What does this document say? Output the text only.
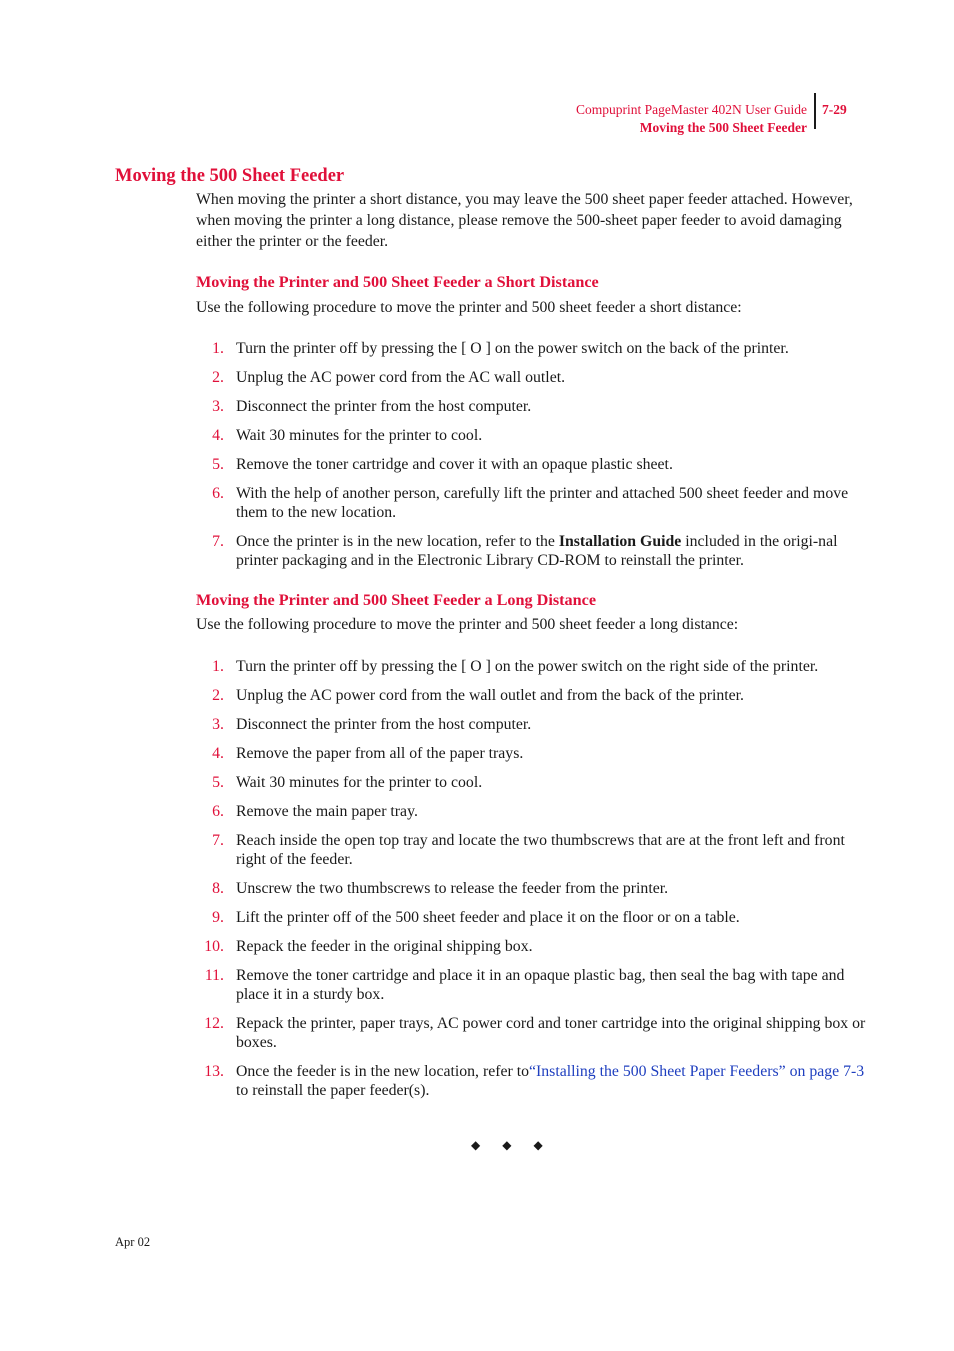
Compuprint PageMaster 402N User Guide
Moving the 500 Sheet Feeder
7-29
Moving the 500 Sheet Feeder
When moving the printer a short distance, you may leave the 500 sheet paper feeder attached. However, when moving the printer a long distance, please remove the 500-sheet paper feeder to avoid damaging either the printer or the feeder.
Moving the Printer and 500 Sheet Feeder a Short Distance
Use the following procedure to move the printer and 500 sheet feeder a short distance:
1. Turn the printer off by pressing the [ O ] on the power switch on the back of the printer.
2. Unplug the AC power cord from the AC wall outlet.
3. Disconnect the printer from the host computer.
4. Wait 30 minutes for the printer to cool.
5. Remove the toner cartridge and cover it with an opaque plastic sheet.
6. With the help of another person, carefully lift the printer and attached 500 sheet feeder and move them to the new location.
7. Once the printer is in the new location, refer to the Installation Guide included in the origi-nal printer packaging and in the Electronic Library CD-ROM to reinstall the printer.
Moving the Printer and 500 Sheet Feeder a Long Distance
Use the following procedure to move the printer and 500 sheet feeder a long distance:
1. Turn the printer off by pressing the [ O ] on the power switch on the right side of the printer.
2. Unplug the AC power cord from the wall outlet and from the back of the printer.
3. Disconnect the printer from the host computer.
4. Remove the paper from all of the paper trays.
5. Wait 30 minutes for the printer to cool.
6. Remove the main paper tray.
7. Reach inside the open top tray and locate the two thumbscrews that are at the front left and front right of the feeder.
8. Unscrew the two thumbscrews to release the feeder from the printer.
9. Lift the printer off of the 500 sheet feeder and place it on the floor or on a table.
10. Repack the feeder in the original shipping box.
11. Remove the toner cartridge and place it in an opaque plastic bag, then seal the bag with tape and place it in a sturdy box.
12. Repack the printer, paper trays, AC power cord and toner cartridge into the original shipping box or boxes.
13. Once the feeder is in the new location, refer to“Installing the 500 Sheet Paper Feeders” on page 7-3 to reinstall the paper feeder(s).
◆◆◆
Apr 02
